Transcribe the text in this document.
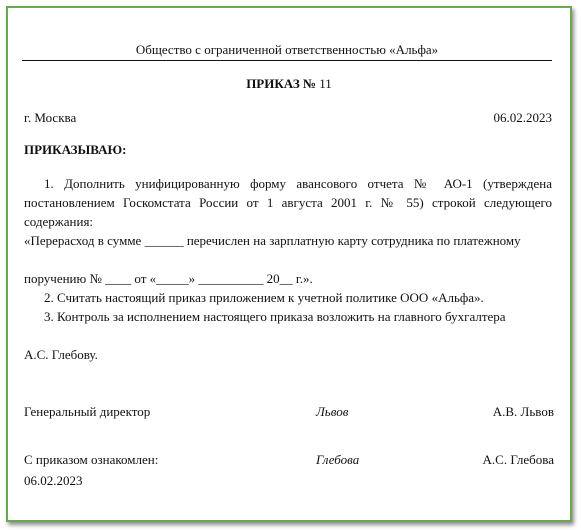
Общество с ограниченной ответственностью «Альфа»
ПРИКАЗ № 11
г. Москва	06.02.2023
ПРИКАЗЫВАЮ:
1. Дополнить унифицированную форму авансового отчета № АО-1 (утверждена постановлением Госкомстата России от 1 августа 2001 г. № 55) строкой следующего содержания:
«Перерасход в сумме ______ перечислен на зарплатную карту сотрудника по платежному
поручению № ____ от «_____» __________ 20__ г.».
2. Считать настоящий приказ приложением к учетной политике ООО «Альфа».
3. Контроль за исполнением настоящего приказа возложить на главного бухгалтера
А.С. Глебову.
Генеральный директор	Львов	А.В. Львов
С приказом ознакомлен:	Глебова	А.С. Глебова
06.02.2023
